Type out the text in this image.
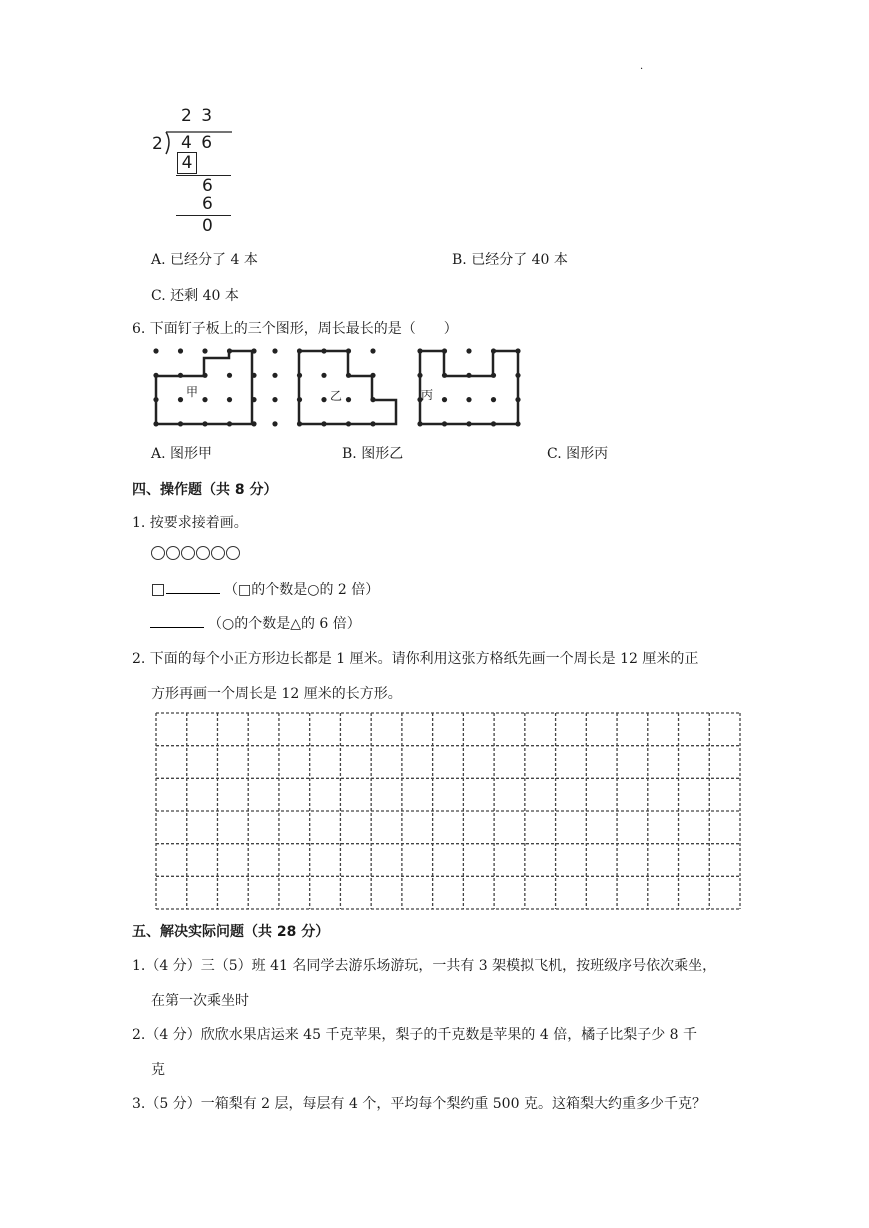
·
2 3
2 4 6
4
6
6
0
A. 已经分了 4 本	B. 已经分了 40 本
C. 还剩 40 本
6. 下面钉子板上的三个图形，周长最长的是（　　）
甲	乙	丙
A. 图形甲	B. 图形乙	C. 图形丙
四、操作题（共 8 分）
1. 按要求接着画。
（□的个数是○的 2 倍）
（○的个数是△的 6 倍）
2. 下面的每个小正方形边长都是 1 厘米。请你利用这张方格纸先画一个周长是 12 厘米的正
方形再画一个周长是 12 厘米的长方形。
五、解决实际问题（共 28 分）
1.（4 分）三（5）班 41 名同学去游乐场游玩，一共有 3 架模拟飞机，按班级序号依次乘坐，
在第一次乘坐时
2.（4 分）欣欣水果店运来 45 千克苹果，梨子的千克数是苹果的 4 倍，橘子比梨子少 8 千
克
3.（5 分）一箱梨有 2 层，每层有 4 个，平均每个梨约重 500 克。这箱梨大约重多少千克？
